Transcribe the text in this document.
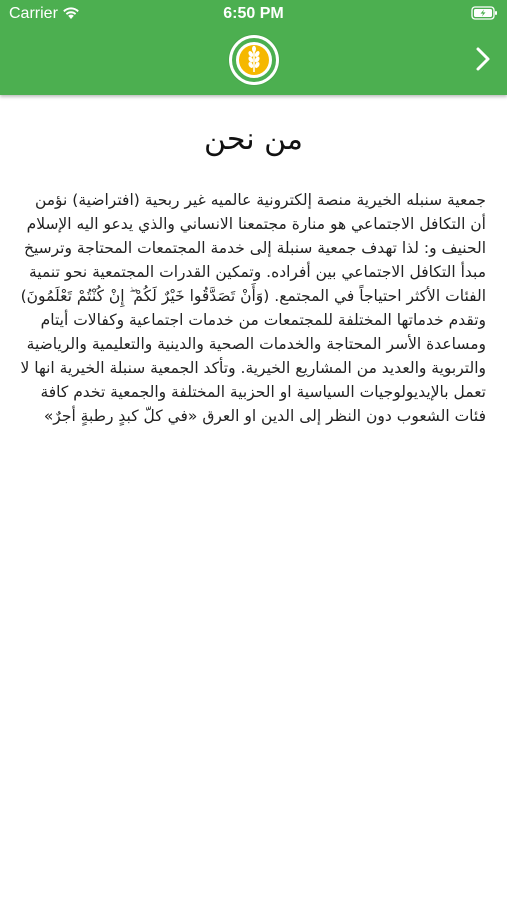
Carrier	6:50 PM
من نحن
جمعية سنبله الخيرية منصة إلكترونية عالميه غير ربحية (افتراضية) نؤمن أن التكافل الاجتماعي هو منارة مجتمعنا الانساني والذي يدعو اليه الإسلام الحنيف و: لذا تهدف جمعية سنبلة إلى خدمة المجتمعات المحتاجة وترسيخ مبدأ التكافل الاجتماعي بين أفراده. وتمكين القدرات المجتمعية نحو تنمية الفئات الأكثر احتياجاً في المجتمع. (وَأَنْ تَصَدَّقُوا خَيْرٌ لَكُمْ ۖ إِنْ كُنْتُمْ تَعْلَمُونَ) وتقدم خدماتها المختلفة للمجتمعات من خدمات اجتماعية وكفالات أيتام ومساعدة الأسر المحتاجة والخدمات الصحية والدينية والتعليمية والرياضية والتربوية والعديد من المشاريع الخيرية. وتأكد الجمعية سنبلة الخيرية انها لا تعمل بالإيديولوجيات السياسية او الحزبية المختلفة والجمعية تخدم كافة فئات الشعوب دون النظر إلى الدين او العرق «في كلّ كبدٍ رطبةٍ أجرٌ»
